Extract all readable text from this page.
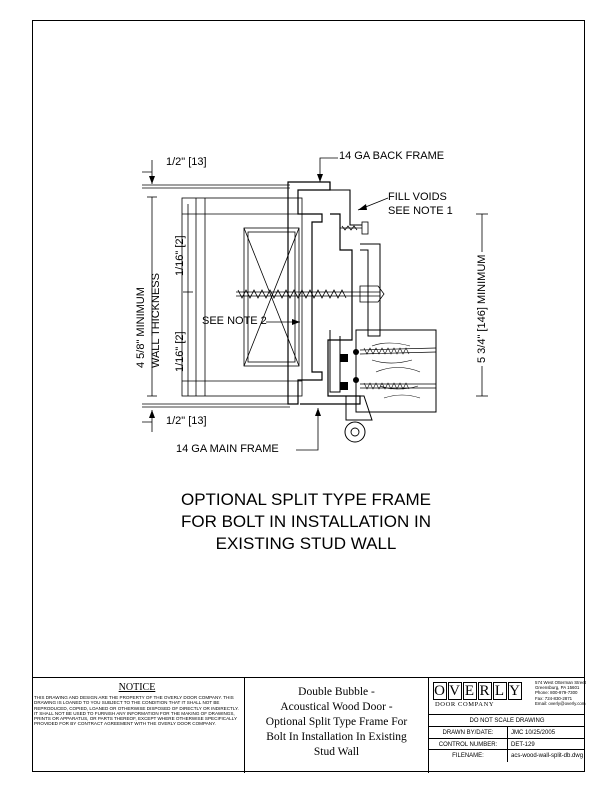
14 GA BACK FRAME
FILL VOIDS
SEE NOTE 1
1/2" [13]
1/2" [13]
14 GA MAIN FRAME
SEE NOTE 2
4 5/8" MINIMUM WALL THICKNESS
1/16" [2]
1/16" [2]	5 3/4" [146] MINIMUM
OPTIONAL SPLIT TYPE FRAME
FOR BOLT IN INSTALLATION IN
EXISTING STUD WALL
NOTICE
THIS DRAWING AND DESIGN ARE THE PROPERTY OF THE OVERLY DOOR COMPANY. THIS DRAWING IS LOANED TO YOU SUBJECT TO THE CONDITION THAT IT SHALL NOT BE REPRODUCED, COPIED, LOANED OR OTHERWISE DISPOSED OF DIRECTLY OR INDIRECTLY. IT SHALL NOT BE USED TO FURNISH ANY INFORMATION FOR THE MAKING OF DRAWINGS, PRINTS OR APPARATUS, OR PARTS THEREOF, EXCEPT WHERE OTHERWISE SPECIFICALLY PROVIDED FOR BY CONTRACT AGREEMENT WITH THE OVERLY DOOR COMPANY.
Double Bubble -
Acoustical Wood Door -
Optional Split Type Frame For
Bolt In Installation In Existing
Stud Wall
O V E R L Y
DOOR COMPANY
574 West Otterman Street
Greensburg, PA 15601
Phone: 800-979-7300
Fax: 724-830-2871
Email: overly@overly.com
DO NOT SCALE DRAWING
DRAWN BY/DATE:	JMC 10/25/2005
CONTROL NUMBER:	DET-129
FILENAME:	acs-wood-wall-split-db.dwg
